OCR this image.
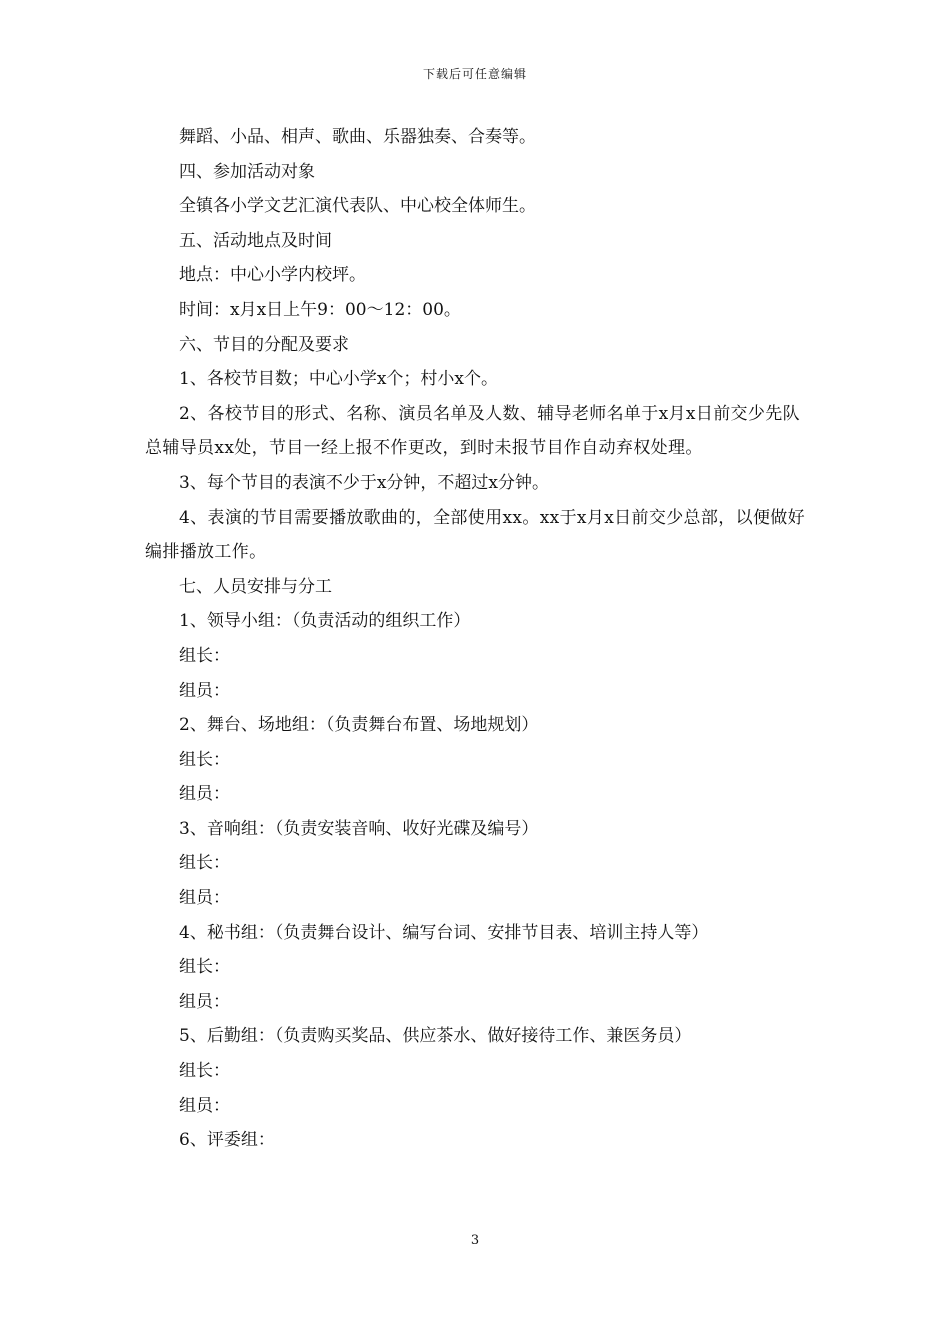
下载后可任意编辑

舞蹈、小品、相声、歌曲、乐器独奏、合奏等。

四、参加活动对象

全镇各小学文艺汇演代表队、中心校全体师生。

五、活动地点及时间

地点：中心小学内校坪。

时间：x月x日上午9：00～12：00。

六、节目的分配及要求

1、各校节目数；中心小学x个；村小x个。

2、各校节目的形式、名称、演员名单及人数、辅导老师名单于x月x日前交少先队总辅导员xx处，节目一经上报不作更改，到时未报节目作自动弃权处理。

3、每个节目的表演不少于x分钟，不超过x分钟。

4、表演的节目需要播放歌曲的，全部使用xx。xx于x月x日前交少总部，以便做好编排播放工作。

七、人员安排与分工

1、领导小组：（负责活动的组织工作）

组长：

组员：

2、舞台、场地组：（负责舞台布置、场地规划）

组长：

组员：

3、音响组：（负责安装音响、收好光碟及编号）

组长：

组员：

4、秘书组：（负责舞台设计、编写台词、安排节目表、培训主持人等）

组长：

组员：

5、后勤组：（负责购买奖品、供应茶水、做好接待工作、兼医务员）

组长：

组员：

6、评委组：

3
